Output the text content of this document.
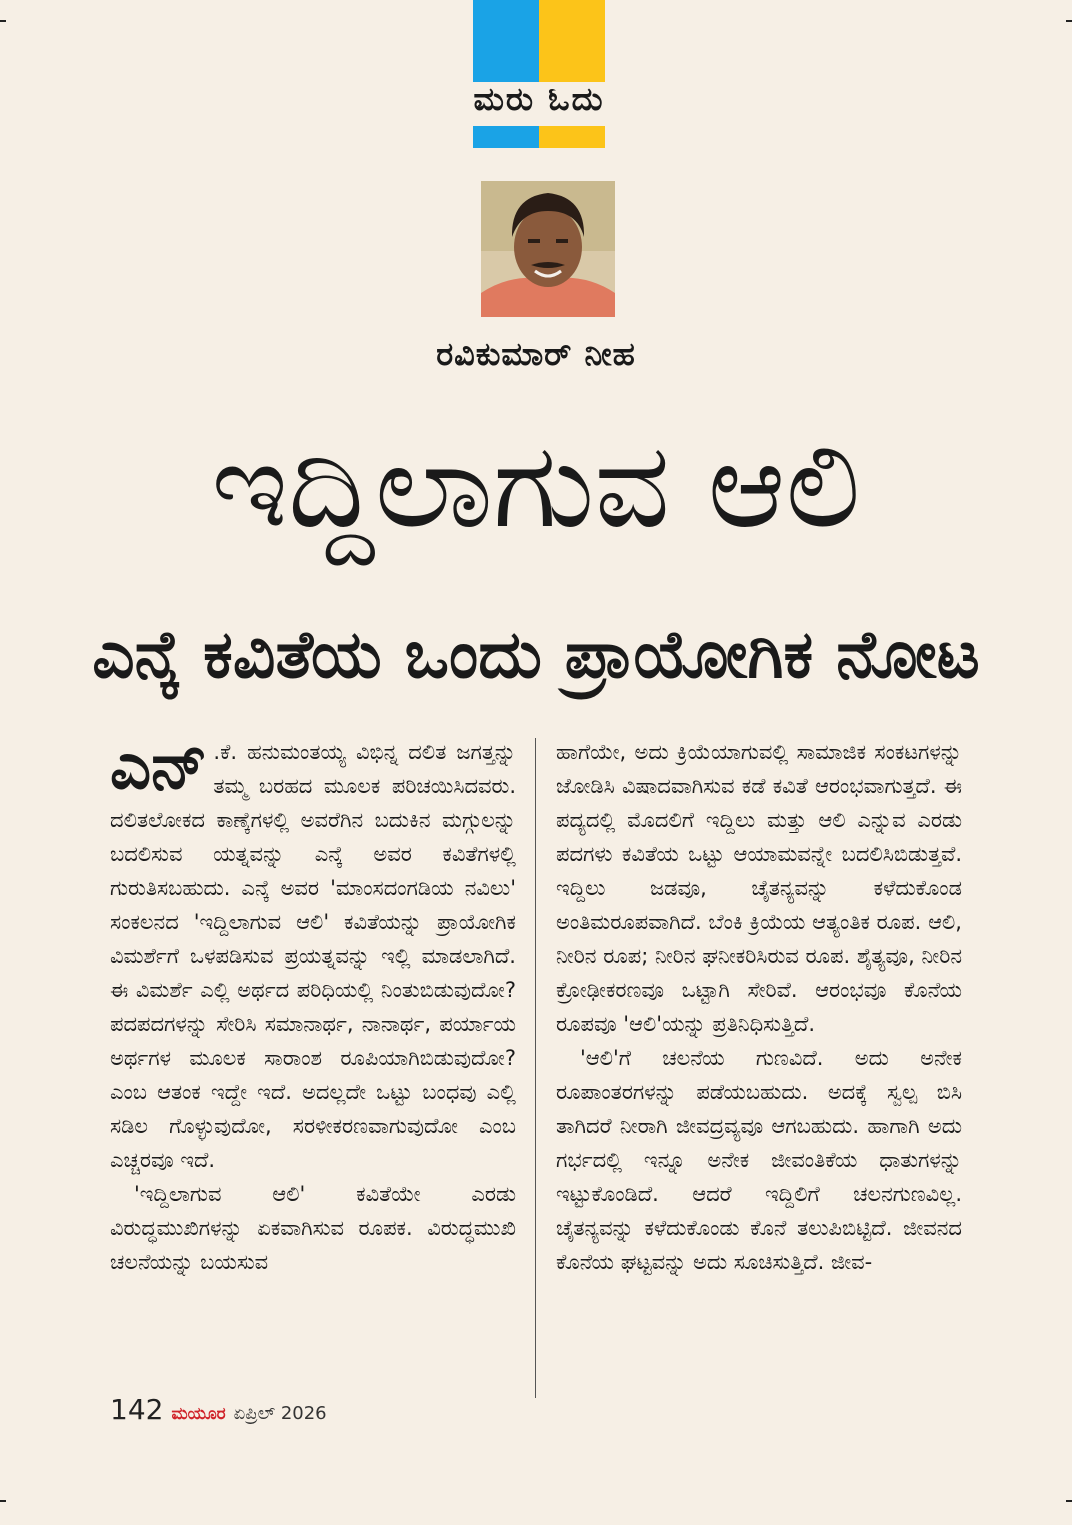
ಮರು ಓದು
ರವಿಕುಮಾರ್ ನೀಹ
ಇದ್ದಿಲಾಗುವ ಆಲಿ
ಎನ್ಕೆ ಕವಿತೆಯ ಒಂದು ಪ್ರಾಯೋಗಿಕ ನೋಟ

ಎನ್ .ಕೆ. ಹನುಮಂತಯ್ಯ ವಿಭಿನ್ನ ದಲಿತ ಜಗತ್ತನ್ನು ತಮ್ಮ ಬರಹದ ಮೂಲಕ ಪರಿಚಯಿಸಿದವರು. ದಲಿತಲೋಕದ ಕಾಣ್ಕೆಗಳಲ್ಲಿ ಅವರೆಗಿನ ಬದುಕಿನ ಮಗ್ಗುಲನ್ನು ಬದಲಿಸುವ ಯತ್ನವನ್ನು ಎನ್ಕೆ ಅವರ ಕವಿತೆಗಳಲ್ಲಿ ಗುರುತಿಸಬಹುದು. ಎನ್ಕೆ ಅವರ 'ಮಾಂಸದಂಗಡಿಯ ನವಿಲು' ಸಂಕಲನದ 'ಇದ್ದಿಲಾಗುವ ಆಲಿ' ಕವಿತೆಯನ್ನು ಪ್ರಾಯೋಗಿಕ ವಿಮರ್ಶೆಗೆ ಒಳಪಡಿಸುವ ಪ್ರಯತ್ನವನ್ನು ಇಲ್ಲಿ ಮಾಡಲಾಗಿದೆ. ಈ ವಿಮರ್ಶೆ ಎಲ್ಲಿ ಅರ್ಥದ ಪರಿಧಿಯಲ್ಲಿ ನಿಂತುಬಿಡುವುದೋ? ಪದಪದಗಳನ್ನು ಸೇರಿಸಿ ಸಮಾನಾರ್ಥ, ನಾನಾರ್ಥ, ಪರ್ಯಾಯ ಅರ್ಥಗಳ ಮೂಲಕ ಸಾರಾಂಶ ರೂಪಿಯಾಗಿಬಿಡುವುದೋ? ಎಂಬ ಆತಂಕ ಇದ್ದೇ ಇದೆ. ಅದಲ್ಲದೇ ಒಟ್ಟು ಬಂಧವು ಎಲ್ಲಿ ಸಡಿಲ ಗೊಳ್ಳುವುದೋ, ಸರಳೀಕರಣವಾಗುವುದೋ ಎಂಬ ಎಚ್ಚರವೂ ಇದೆ.

'ಇದ್ದಿಲಾಗುವ ಆಲಿ' ಕವಿತೆಯೇ ಎರಡು ವಿರುದ್ಧಮುಖಿಗಳನ್ನು ಏಕವಾಗಿಸುವ ರೂಪಕ. ವಿರುದ್ಧಮುಖಿ ಚಲನೆಯನ್ನು ಬಯಸುವ

ಹಾಗೆಯೇ, ಅದು ಕ್ರಿಯೆಯಾಗುವಲ್ಲಿ ಸಾಮಾಜಿಕ ಸಂಕಟಗಳನ್ನು ಜೋಡಿಸಿ ವಿಷಾದವಾಗಿಸುವ ಕಡೆ ಕವಿತೆ ಆರಂಭವಾಗುತ್ತದೆ. ಈ ಪದ್ಯದಲ್ಲಿ ಮೊದಲಿಗೆ ಇದ್ದಿಲು ಮತ್ತು ಆಲಿ ಎನ್ನುವ ಎರಡು ಪದಗಳು ಕವಿತೆಯ ಒಟ್ಟು ಆಯಾಮವನ್ನೇ ಬದಲಿಸಿಬಿಡುತ್ತವೆ. ಇದ್ದಿಲು ಜಡವೂ, ಚೈತನ್ಯವನ್ನು ಕಳೆದುಕೊಂಡ ಅಂತಿಮರೂಪವಾಗಿದೆ. ಬೆಂಕಿ ಕ್ರಿಯೆಯ ಆತ್ಯಂತಿಕ ರೂಪ. ಆಲಿ, ನೀರಿನ ರೂಪ; ನೀರಿನ ಘನೀಕರಿಸಿರುವ ರೂಪ. ಶೈತ್ಯವೂ, ನೀರಿನ ಕ್ರೋಢೀಕರಣವೂ ಒಟ್ಟಾಗಿ ಸೇರಿವೆ. ಆರಂಭವೂ ಕೊನೆಯ ರೂಪವೂ 'ಆಲಿ'ಯನ್ನು ಪ್ರತಿನಿಧಿಸುತ್ತಿದೆ.

'ಆಲಿ'ಗೆ ಚಲನೆಯ ಗುಣವಿದೆ. ಅದು ಅನೇಕ ರೂಪಾಂತರಗಳನ್ನು ಪಡೆಯಬಹುದು. ಅದಕ್ಕೆ ಸ್ವಲ್ಪ ಬಿಸಿ ತಾಗಿದರೆ ನೀರಾಗಿ ಜೀವದ್ರವ್ಯವೂ ಆಗಬಹುದು. ಹಾಗಾಗಿ ಅದು ಗರ್ಭದಲ್ಲಿ ಇನ್ನೂ ಅನೇಕ ಜೀವಂತಿಕೆಯ ಧಾತುಗಳನ್ನು ಇಟ್ಟುಕೊಂಡಿದೆ. ಆದರೆ ಇದ್ದಿಲಿಗೆ ಚಲನಗುಣವಿಲ್ಲ. ಚೈತನ್ಯವನ್ನು ಕಳೆದುಕೊಂಡು ಕೊನೆ ತಲುಪಿಬಿಟ್ಟಿದೆ. ಜೀವನದ ಕೊನೆಯ ಘಟ್ಟವನ್ನು ಅದು ಸೂಚಿಸುತ್ತಿದೆ. ಜೀವ-

142 ಮಯೂರ ಏಪ್ರಿಲ್ 2026
